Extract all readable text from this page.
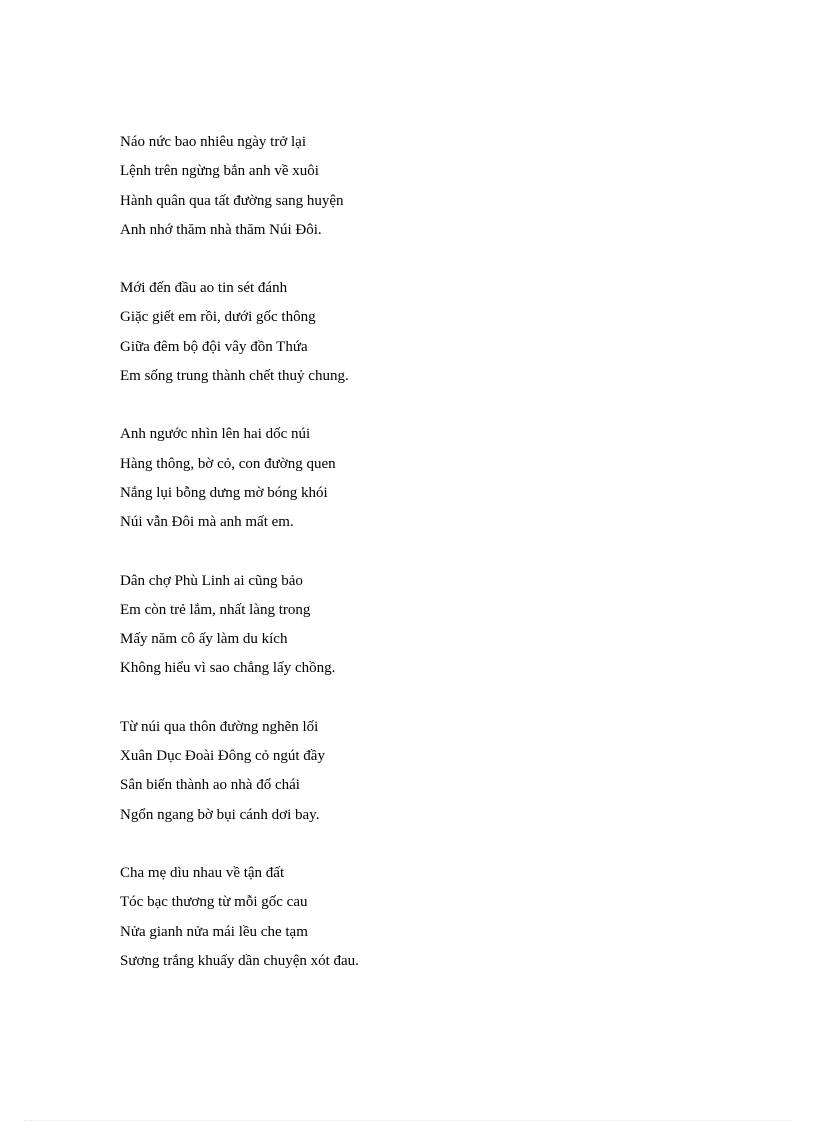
Náo nức bao nhiêu ngày trở lại
Lệnh trên ngừng bắn anh về xuôi
Hành quân qua tất đường sang huyện
Anh nhớ thăm nhà thăm Núi Đôi.
Mới đến đầu ao tin sét đánh
Giặc giết em rồi, dưới gốc thông
Giữa đêm bộ đội vây đồn Thứa
Em sống trung thành chết thuỷ chung.
Anh ngước nhìn lên hai dốc núi
Hàng thông, bờ cỏ, con đường quen
Nắng lụi bỗng dưng mờ bóng khói
Núi vẫn Đôi mà anh mất em.
Dân chợ Phù Linh ai cũng bảo
Em còn trẻ lắm, nhất làng trong
Mấy năm cô ấy làm du kích
Không hiểu vì sao chẳng lấy chồng.
Từ núi qua thôn đường nghẽn lối
Xuân Dục Đoài Đông cỏ ngút đầy
Sân biến thành ao nhà đổ chái
Ngổn ngang bờ bụi cánh dơi bay.
Cha mẹ dìu nhau về tận đất
Tóc bạc thương từ mỗi gốc cau
Nửa gianh nửa mái lều che tạm
Sương trắng khuấy dần chuyện xót đau.
